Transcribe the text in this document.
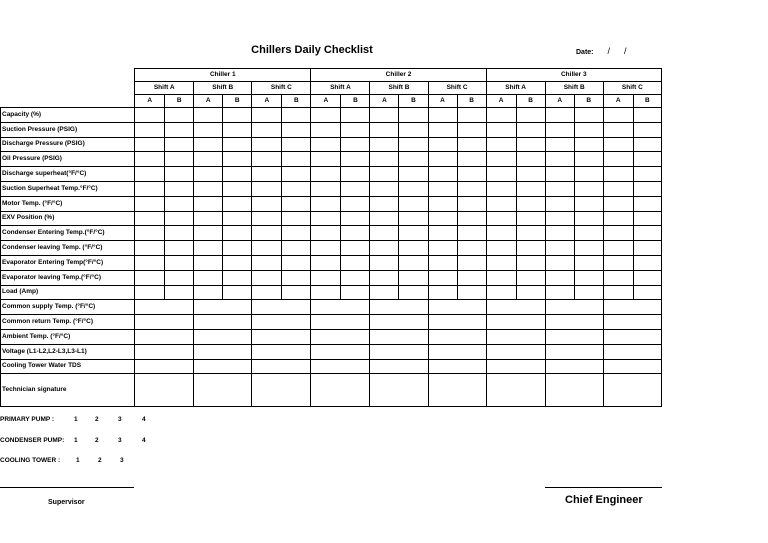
Chillers Daily Checklist	Date: / /
	Chiller 1						Chiller 2						Chiller 3					
	Shift A		Shift B		Shift C		Shift A		Shift B		Shift C		Shift A		Shift B		Shift C	
	A	B	A	B	A	B	A	B	A	B	A	B	A	B	A	B	A	B
Capacity (%)																		
Suction Pressure (PSIG)																		
Discharge Pressure (PSIG)																		
Oil Pressure (PSIG)																		
Discharge superheat(°F/°C)																		
Suction Superheat Temp.°F/°C)																		
Motor Temp. (°F/°C)																		
EXV Position (%)																		
Condenser Entering Temp.(°F/°C)																		
Condenser leaving Temp. (°F/°C)																		
Evaporator Entering Temp(°F/°C)																		
Evaporator leaving Temp.(°F/°C)																		
Load (Amp)																		
Common supply Temp. (°F/°C)																		
Common return Temp. (°F/°C)																		
Ambient Temp. (°F/°C)																		
Voltage (L1-L2,L2-L3,L3-L1)																		
Cooling Tower Water TDS																		
Technician signature																		
PRIMARY PUMP :	1	2	3	4
CONDENSER PUMP: 1	2	3	4
COOLING TOWER : 1	2	3
Supervisor	Chief Engineer
